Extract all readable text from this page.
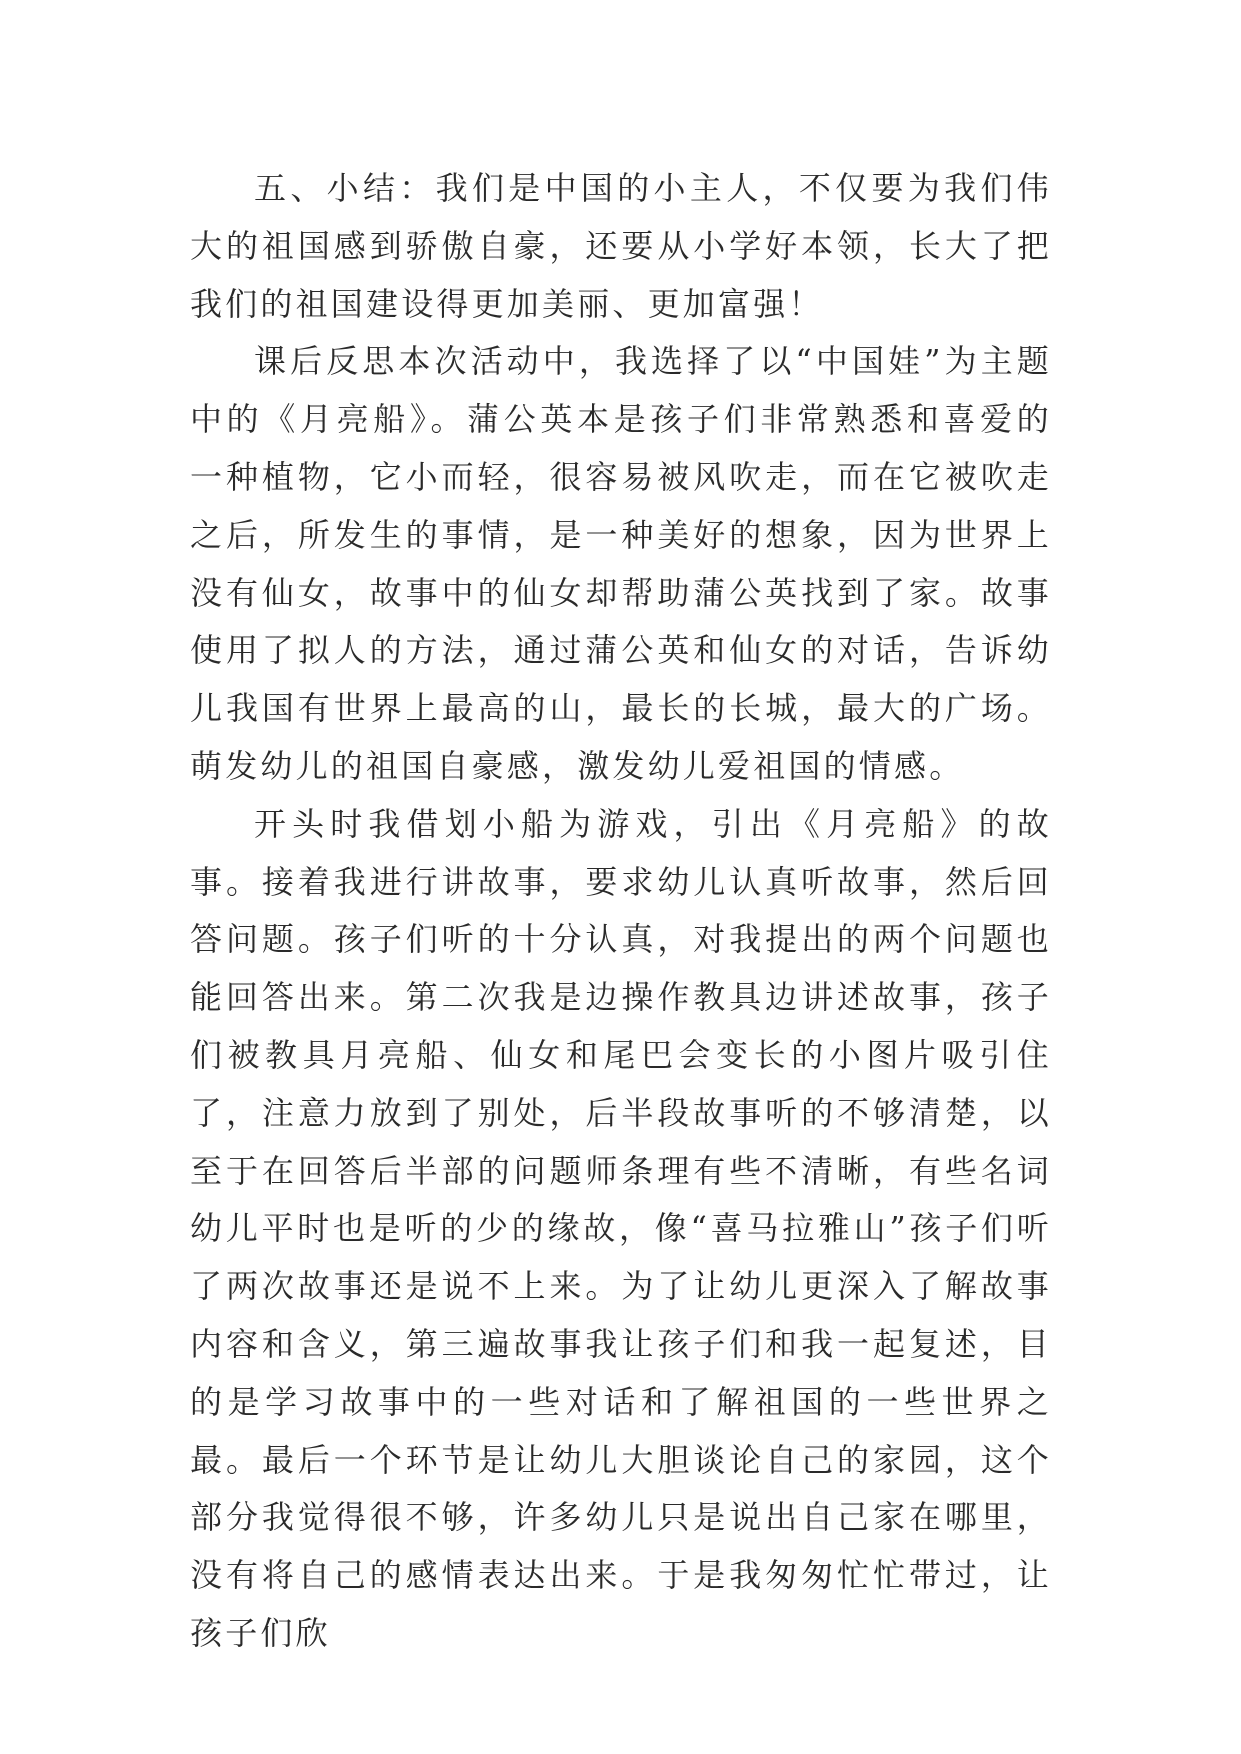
五、小结：我们是中国的小主人，不仅要为我们伟大的祖国感到骄傲自豪，还要从小学好本领，长大了把我们的祖国建设得更加美丽、更加富强！

课后反思本次活动中，我选择了以“中国娃”为主题中的《月亮船》。蒲公英本是孩子们非常熟悉和喜爱的一种植物，它小而轻，很容易被风吹走，而在它被吹走之后，所发生的事情，是一种美好的想象，因为世界上没有仙女，故事中的仙女却帮助蒲公英找到了家。故事使用了拟人的方法，通过蒲公英和仙女的对话，告诉幼儿我国有世界上最高的山，最长的长城，最大的广场。萌发幼儿的祖国自豪感，激发幼儿爱祖国的情感。

开头时我借划小船为游戏，引出《月亮船》的故事。接着我进行讲故事，要求幼儿认真听故事，然后回答问题。孩子们听的十分认真，对我提出的两个问题也能回答出来。第二次我是边操作教具边讲述故事，孩子们被教具月亮船、仙女和尾巴会变长的小图片吸引住了，注意力放到了别处，后半段故事听的不够清楚，以至于在回答后半部的问题师条理有些不清晰，有些名词幼儿平时也是听的少的缘故，像“喜马拉雅山”孩子们听了两次故事还是说不上来。为了让幼儿更深入了解故事内容和含义，第三遍故事我让孩子们和我一起复述，目的是学习故事中的一些对话和了解祖国的一些世界之最。最后一个环节是让幼儿大胆谈论自己的家园，这个部分我觉得很不够，许多幼儿只是说出自己家在哪里，没有将自己的感情表达出来。于是我匆匆忙忙带过，让孩子们欣
